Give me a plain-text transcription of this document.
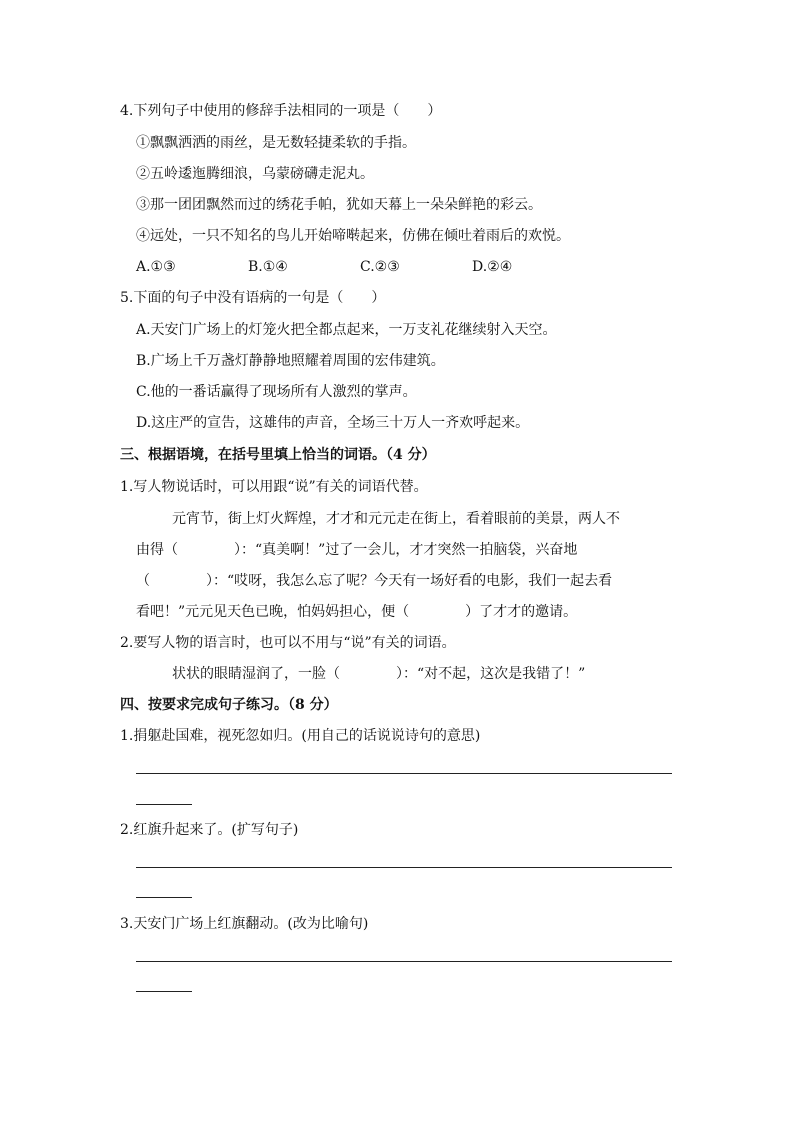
4.下列句子中使用的修辞手法相同的一项是（　　）
①飘飘洒洒的雨丝，是无数轻捷柔软的手指。
②五岭逶迤腾细浪，乌蒙磅礴走泥丸。
③那一团团飘然而过的绣花手帕，犹如天幕上一朵朵鲜艳的彩云。
④远处，一只不知名的鸟儿开始啼啭起来，仿佛在倾吐着雨后的欢悦。
A.①③	B.①④	C.②③	D.②④
5.下面的句子中没有语病的一句是（　　）
A.天安门广场上的灯笼火把全都点起来，一万支礼花继续射入天空。
B.广场上千万盏灯静静地照耀着周围的宏伟建筑。
C.他的一番话赢得了现场所有人激烈的掌声。
D.这庄严的宣告，这雄伟的声音，全场三十万人一齐欢呼起来。
三、根据语境，在括号里填上恰当的词语。（4 分）
1.写人物说话时，可以用跟“说”有关的词语代替。
元宵节，街上灯火辉煌，才才和元元走在街上，看着眼前的美景，两人不
由得（　　　　）：“真美啊！”过了一会儿，才才突然一拍脑袋，兴奋地
（　　　　）：“哎呀，我怎么忘了呢？今天有一场好看的电影，我们一起去看
看吧！”元元见天色已晚，怕妈妈担心，便（　　　　）了才才的邀请。
2.要写人物的语言时，也可以不用与“说”有关的词语。
状状的眼睛湿润了，一脸（　　　　）：“对不起，这次是我错了！”
四、按要求完成句子练习。（8 分）
1.捐躯赴国难，视死忽如归。(用自己的话说说诗句的意思)
2.红旗升起来了。(扩写句子)
3.天安门广场上红旗翻动。(改为比喻句)
